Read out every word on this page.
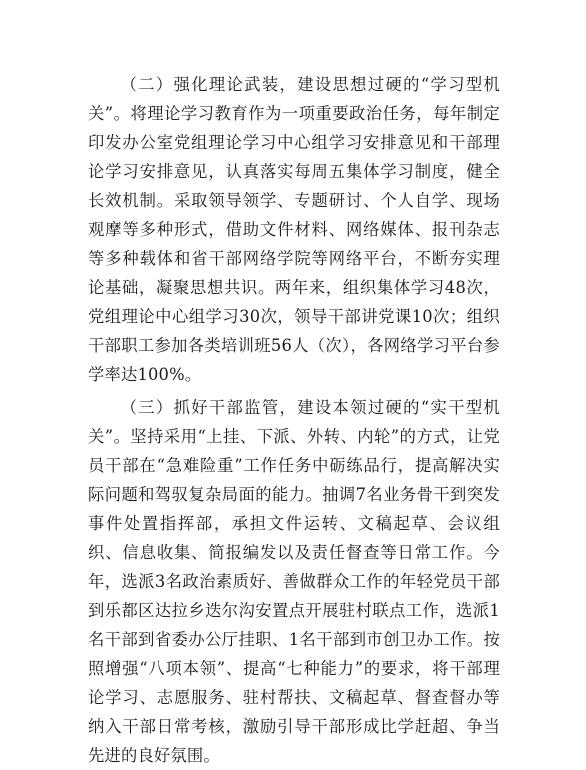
（二）强化理论武装，建设思想过硬的“学习型机关”。将理论学习教育作为一项重要政治任务，每年制定印发办公室党组理论学习中心组学习安排意见和干部理论学习安排意见，认真落实每周五集体学习制度，健全长效机制。采取领导领学、专题研讨、个人自学、现场观摩等多种形式，借助文件材料、网络媒体、报刊杂志等多种载体和省干部网络学院等网络平台，不断夯实理论基础，凝聚思想共识。两年来，组织集体学习48次，党组理论中心组学习30次，领导干部讲党课10次；组织干部职工参加各类培训班56人（次），各网络学习平台参学率达100%。

（三）抓好干部监管，建设本领过硬的“实干型机关”。坚持采用“上挂、下派、外转、内轮”的方式，让党员干部在“急难险重”工作任务中砺练品行，提高解决实际问题和驾驭复杂局面的能力。抽调7名业务骨干到突发事件处置指挥部，承担文件运转、文稿起草、会议组织、信息收集、简报编发以及责任督查等日常工作。今年，选派3名政治素质好、善做群众工作的年轻党员干部到乐都区达拉乡迭尔沟安置点开展驻村联点工作，选派1名干部到省委办公厅挂职、1名干部到市创卫办工作。按照增强“八项本领”、提高“七种能力”的要求，将干部理论学习、志愿服务、驻村帮扶、文稿起草、督查督办等纳入干部日常考核，激励引导干部形成比学赶超、争当先进的良好氛围。
